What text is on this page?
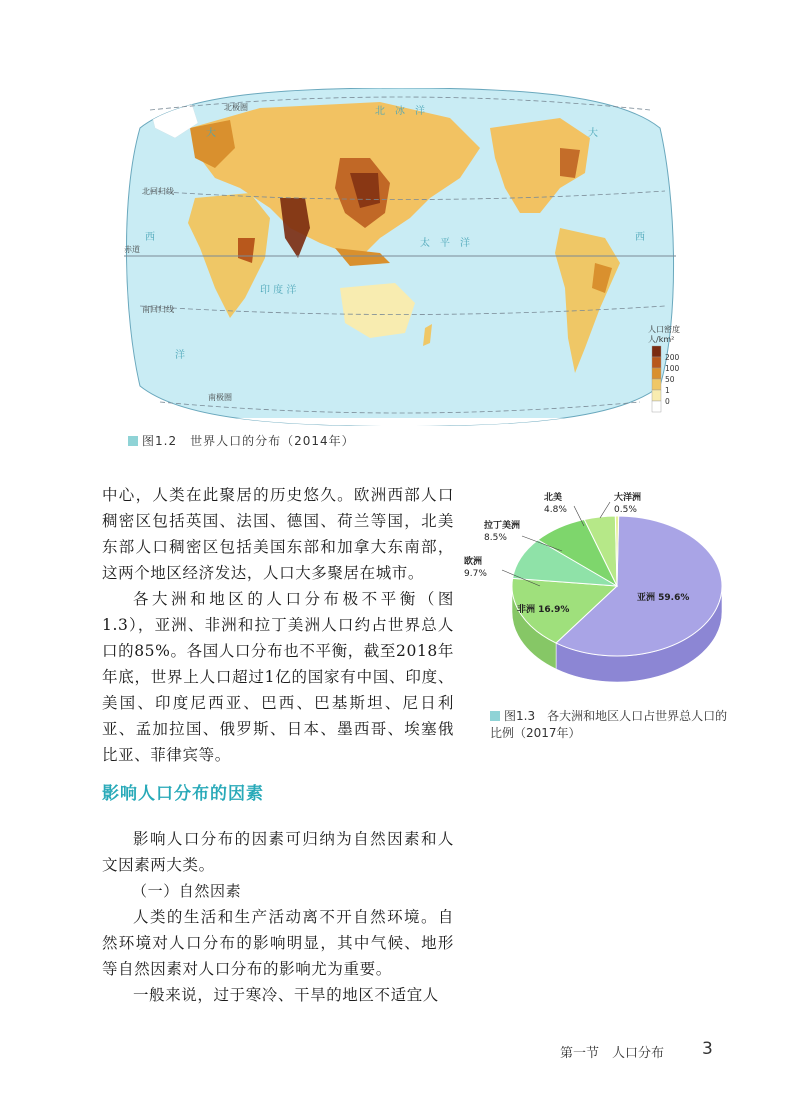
北极圈
北回归线
赤道
南回归线
南极圈
北　冰　洋
太　平　洋
印 度 洋
大
西
大
西
洋
人口密度
人/km²
200
100
50
1
0
图1.2　世界人口的分布（2014年）

中心，人类在此聚居的历史悠久。欧洲西部人口稠密区包括英国、法国、德国、荷兰等国，北美东部人口稠密区包括美国东部和加拿大东南部，这两个地区经济发达，人口大多聚居在城市。

各大洲和地区的人口分布极不平衡（图1.3），亚洲、非洲和拉丁美洲人口约占世界总人口的85%。各国人口分布也不平衡，截至2018年年底，世界上人口超过1亿的国家有中国、印度、美国、印度尼西亚、巴西、巴基斯坦、尼日利亚、孟加拉国、俄罗斯、日本、墨西哥、埃塞俄比亚、菲律宾等。

亚洲 59.6%
非洲 16.9%
欧洲
9.7%
拉丁美洲
8.5%
北美
4.8%
大洋洲
0.5%
图1.3　各大洲和地区人口占世界总人口的
比例（2017年）
影响人口分布的因素

影响人口分布的因素可归纳为自然因素和人文因素两大类。

（一）自然因素

人类的生活和生产活动离不开自然环境。自然环境对人口分布的影响明显，其中气候、地形等自然因素对人口分布的影响尤为重要。

一般来说，过于寒冷、干旱的地区不适宜人

第一节　人口分布 3
